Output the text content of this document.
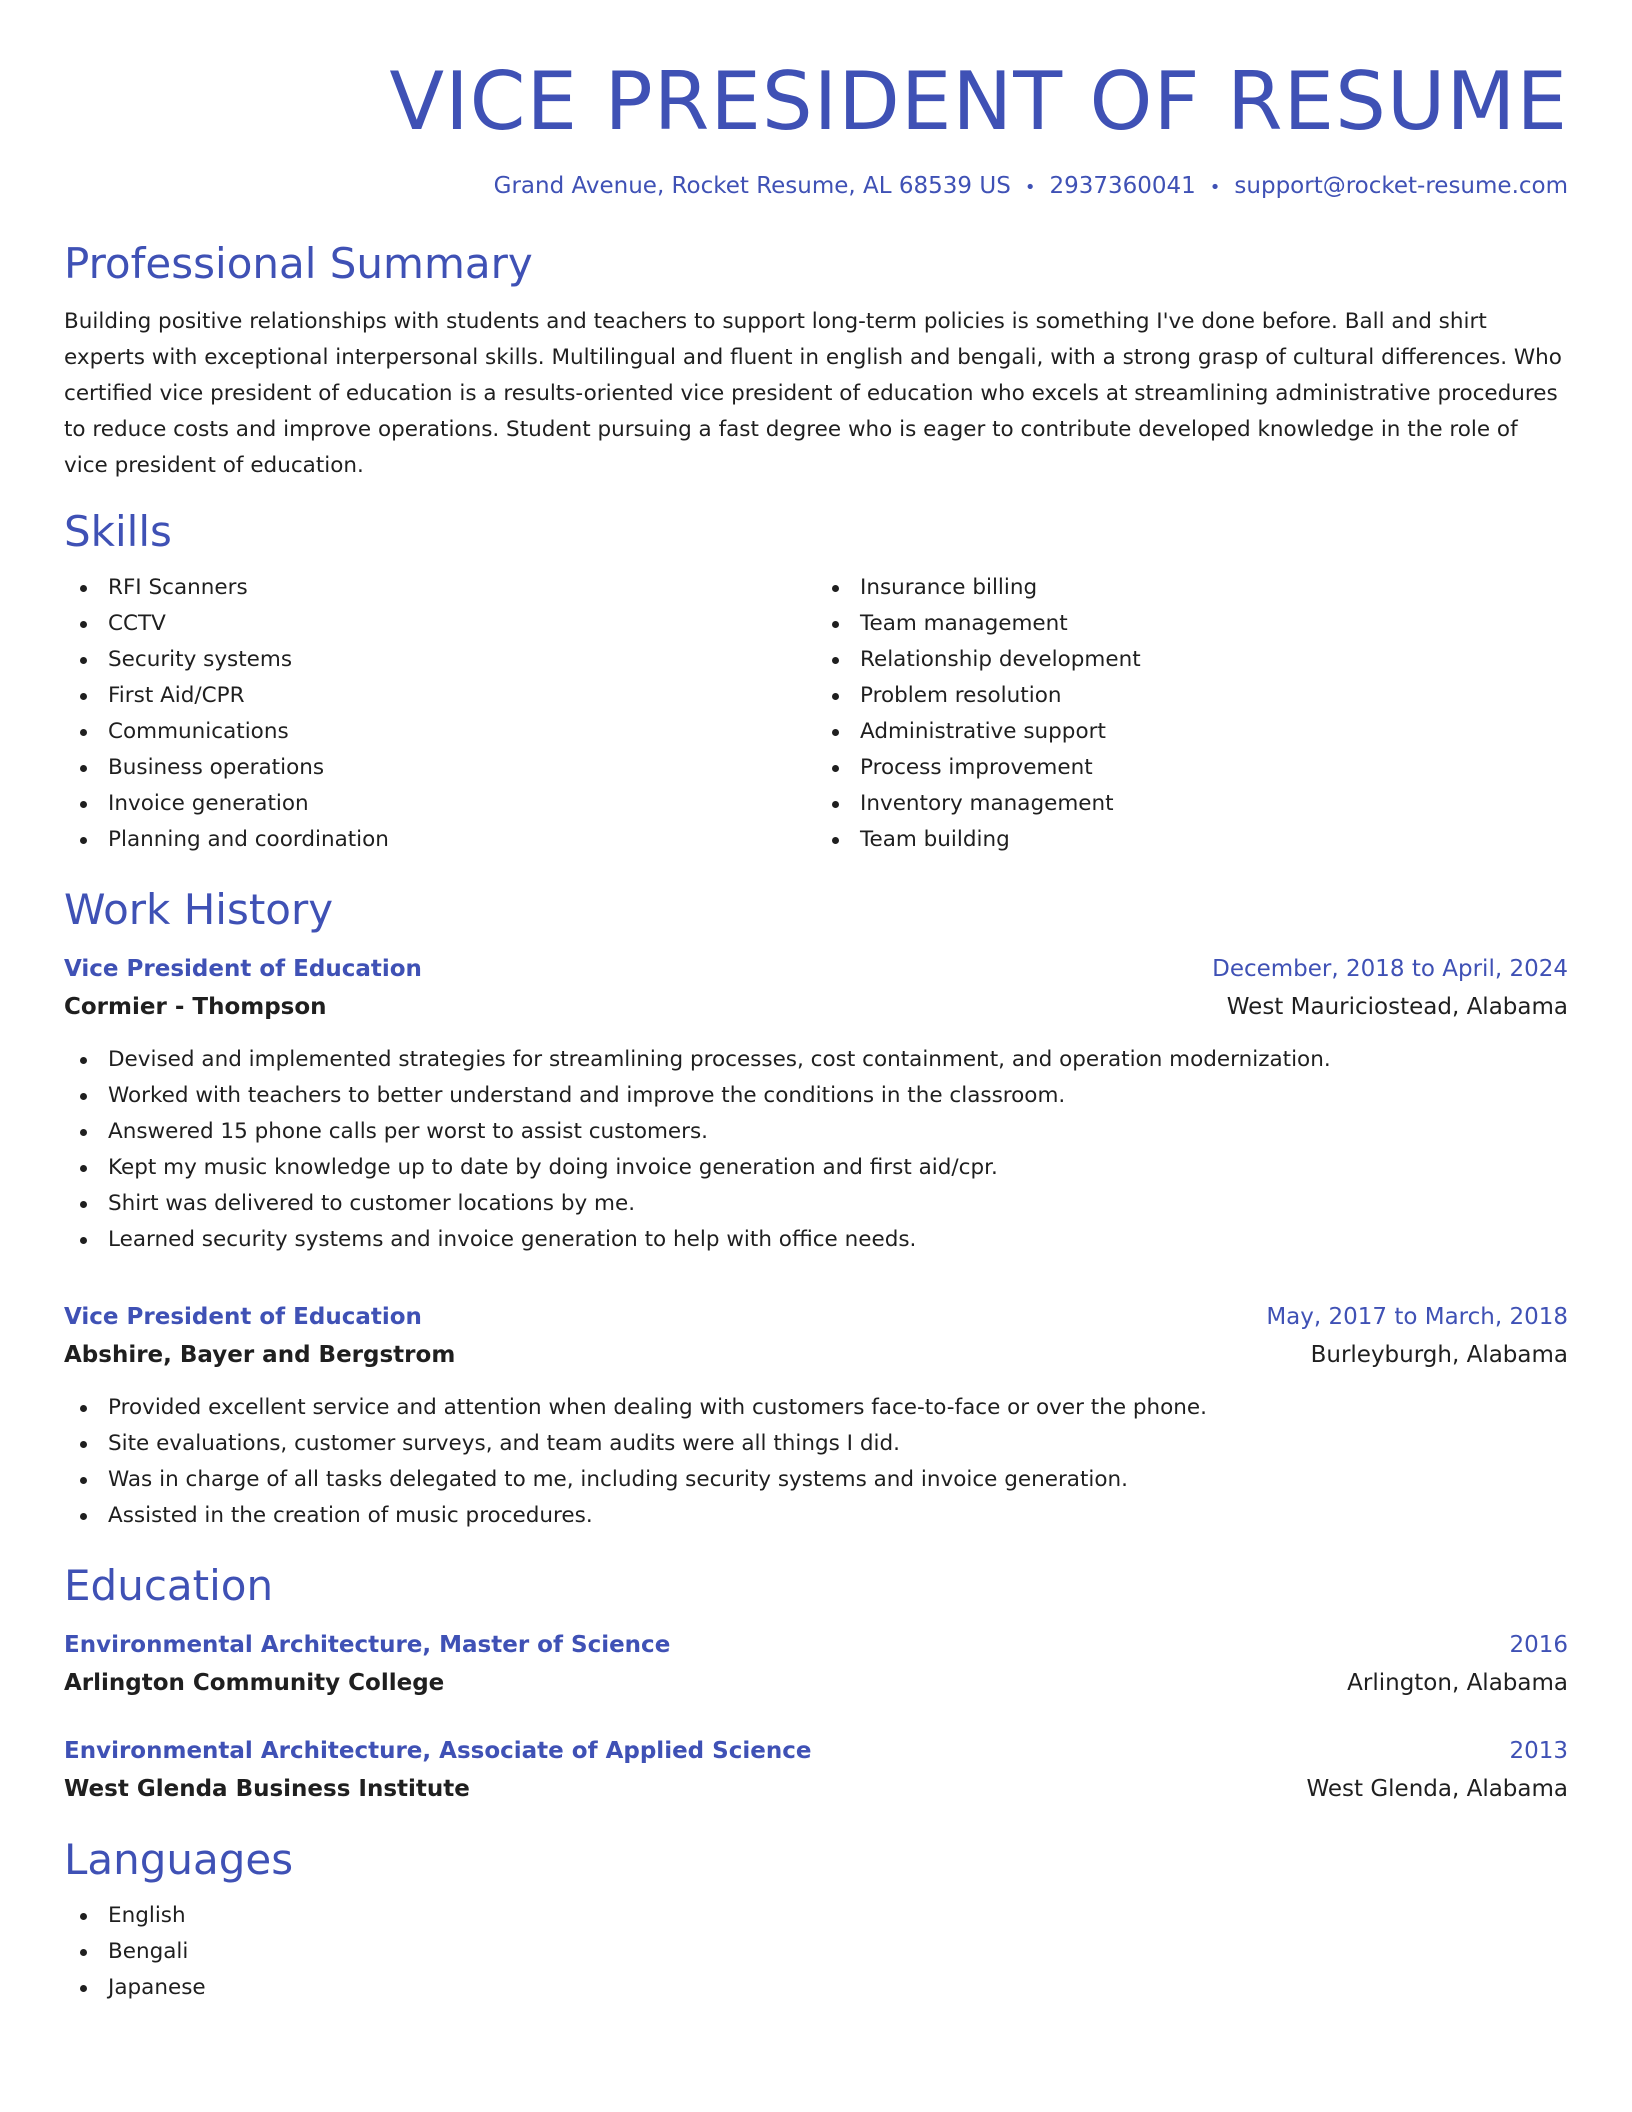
VICE PRESIDENT OF RESUME
Grand Avenue, Rocket Resume, AL 68539 US • 2937360041 • support@rocket-resume.com
Professional Summary

Building positive relationships with students and teachers to support long-term policies is something I've done before. Ball and shirt experts with exceptional interpersonal skills. Multilingual and fluent in english and bengali, with a strong grasp of cultural differences. Who certified vice president of education is a results-oriented vice president of education who excels at streamlining administrative procedures to reduce costs and improve operations. Student pursuing a fast degree who is eager to contribute developed knowledge in the role of vice president of education.

Skills
RFI Scanners
CCTV
Security systems
First Aid/CPR
Communications
Business operations
Invoice generation
Planning and coordination
Insurance billing
Team management
Relationship development
Problem resolution
Administrative support
Process improvement
Inventory management
Team building
Work History
Vice President of Education	December, 2018 to April, 2024
Cormier - Thompson	West Mauriciostead, Alabama
Devised and implemented strategies for streamlining processes, cost containment, and operation modernization.
Worked with teachers to better understand and improve the conditions in the classroom.
Answered 15 phone calls per worst to assist customers.
Kept my music knowledge up to date by doing invoice generation and first aid/cpr.
Shirt was delivered to customer locations by me.
Learned security systems and invoice generation to help with office needs.
Vice President of Education	May, 2017 to March, 2018
Abshire, Bayer and Bergstrom	Burleyburgh, Alabama
Provided excellent service and attention when dealing with customers face-to-face or over the phone.
Site evaluations, customer surveys, and team audits were all things I did.
Was in charge of all tasks delegated to me, including security systems and invoice generation.
Assisted in the creation of music procedures.
Education
Environmental Architecture, Master of Science	2016
Arlington Community College	Arlington, Alabama
Environmental Architecture, Associate of Applied Science	2013
West Glenda Business Institute	West Glenda, Alabama
Languages
English
Bengali
Japanese
